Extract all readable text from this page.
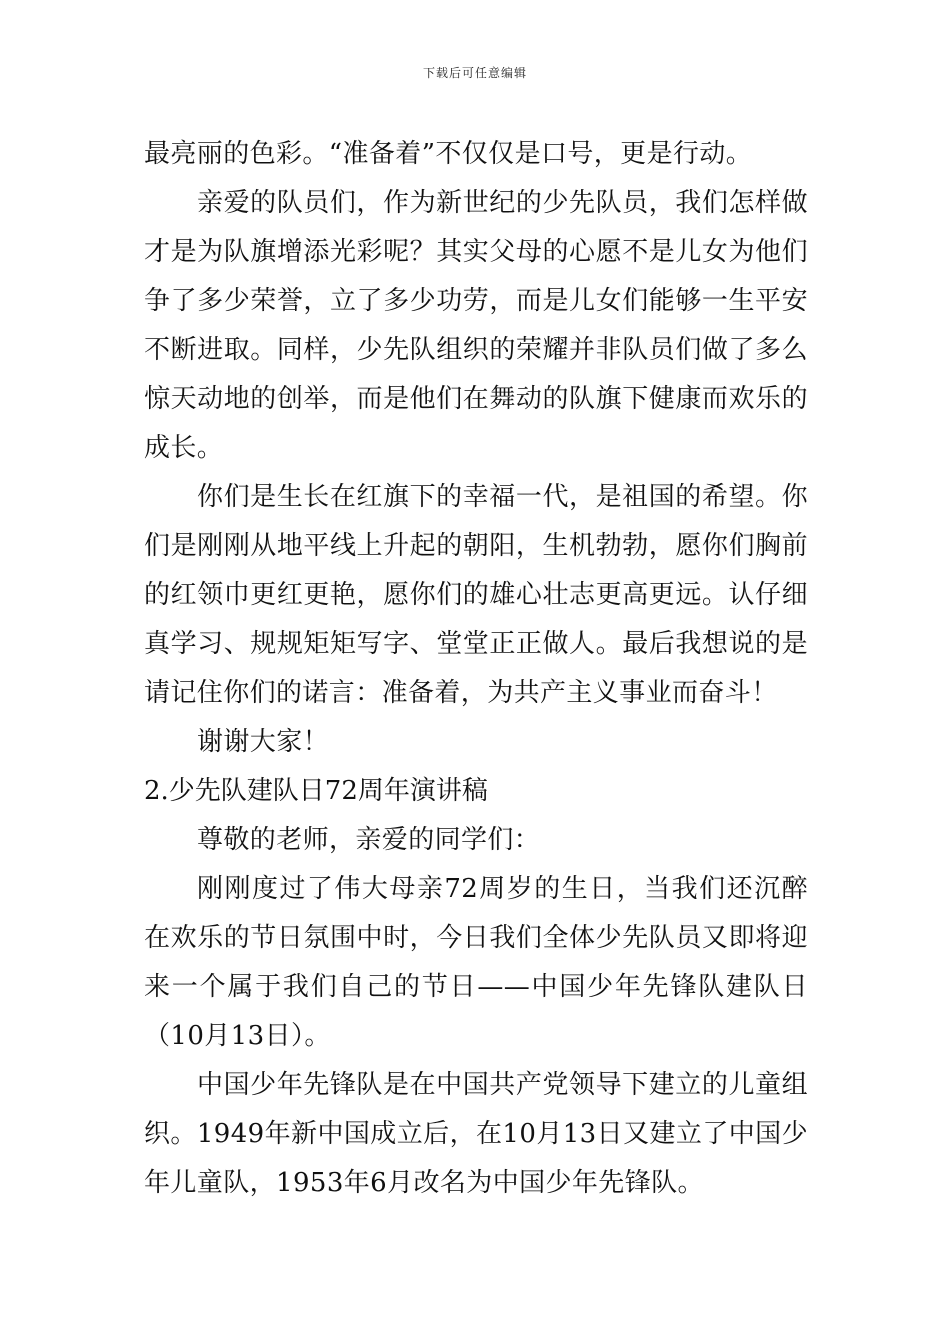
下载后可任意编辑

最亮丽的色彩。“准备着”不仅仅是口号，更是行动。

亲爱的队员们，作为新世纪的少先队员，我们怎样做才是为队旗增添光彩呢？其实父母的心愿不是儿女为他们争了多少荣誉，立了多少功劳，而是儿女们能够一生平安不断进取。同样，少先队组织的荣耀并非队员们做了多么惊天动地的创举，而是他们在舞动的队旗下健康而欢乐的成长。

你们是生长在红旗下的幸福一代，是祖国的希望。你们是刚刚从地平线上升起的朝阳，生机勃勃，愿你们胸前的红领巾更红更艳，愿你们的雄心壮志更高更远。认仔细真学习、规规矩矩写字、堂堂正正做人。最后我想说的是请记住你们的诺言：准备着，为共产主义事业而奋斗！

谢谢大家！

2.少先队建队日72周年演讲稿

尊敬的老师，亲爱的同学们：

刚刚度过了伟大母亲72周岁的生日，当我们还沉醉在欢乐的节日氛围中时，今日我们全体少先队员又即将迎来一个属于我们自己的节日——中国少年先锋队建队日（10月13日）。

中国少年先锋队是在中国共产党领导下建立的儿童组织。1949年新中国成立后，在10月13日又建立了中国少年儿童队，1953年6月改名为中国少年先锋队。
